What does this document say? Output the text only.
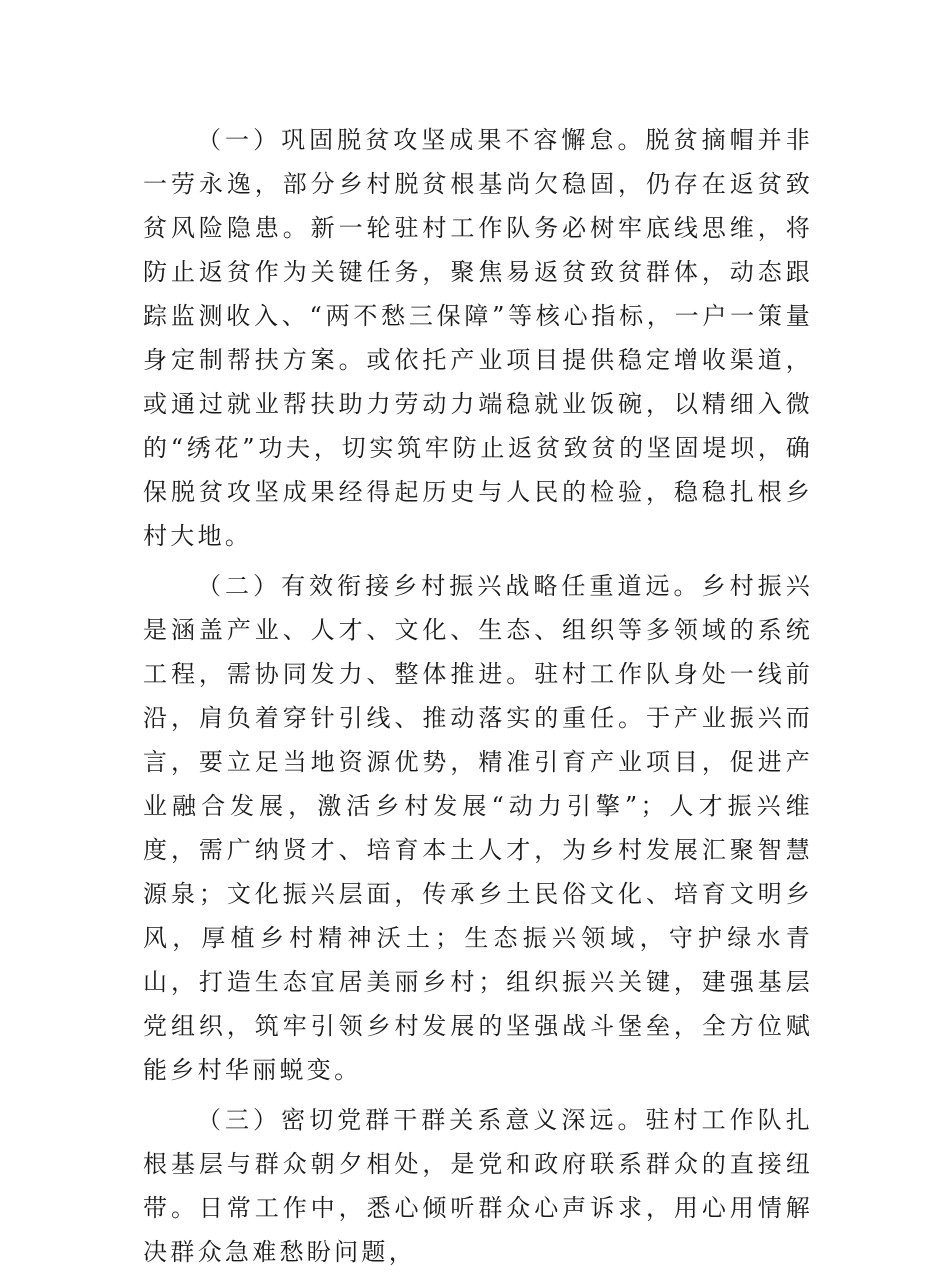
（一）巩固脱贫攻坚成果不容懈怠。脱贫摘帽并非一劳永逸，部分乡村脱贫根基尚欠稳固，仍存在返贫致贫风险隐患。新一轮驻村工作队务必树牢底线思维，将防止返贫作为关键任务，聚焦易返贫致贫群体，动态跟踪监测收入、“两不愁三保障”等核心指标，一户一策量身定制帮扶方案。或依托产业项目提供稳定增收渠道，或通过就业帮扶助力劳动力端稳就业饭碗，以精细入微的“绣花”功夫，切实筑牢防止返贫致贫的坚固堤坝，确保脱贫攻坚成果经得起历史与人民的检验，稳稳扎根乡村大地。

（二）有效衔接乡村振兴战略任重道远。乡村振兴是涵盖产业、人才、文化、生态、组织等多领域的系统工程，需协同发力、整体推进。驻村工作队身处一线前沿，肩负着穿针引线、推动落实的重任。于产业振兴而言，要立足当地资源优势，精准引育产业项目，促进产业融合发展，激活乡村发展“动力引擎”；人才振兴维度，需广纳贤才、培育本土人才，为乡村发展汇聚智慧源泉；文化振兴层面，传承乡土民俗文化、培育文明乡风，厚植乡村精神沃土；生态振兴领域，守护绿水青山，打造生态宜居美丽乡村；组织振兴关键，建强基层党组织，筑牢引领乡村发展的坚强战斗堡垒，全方位赋能乡村华丽蜕变。

（三）密切党群干群关系意义深远。驻村工作队扎根基层与群众朝夕相处，是党和政府联系群众的直接纽带。日常工作中，悉心倾听群众心声诉求，用心用情解决群众急难愁盼问题，
